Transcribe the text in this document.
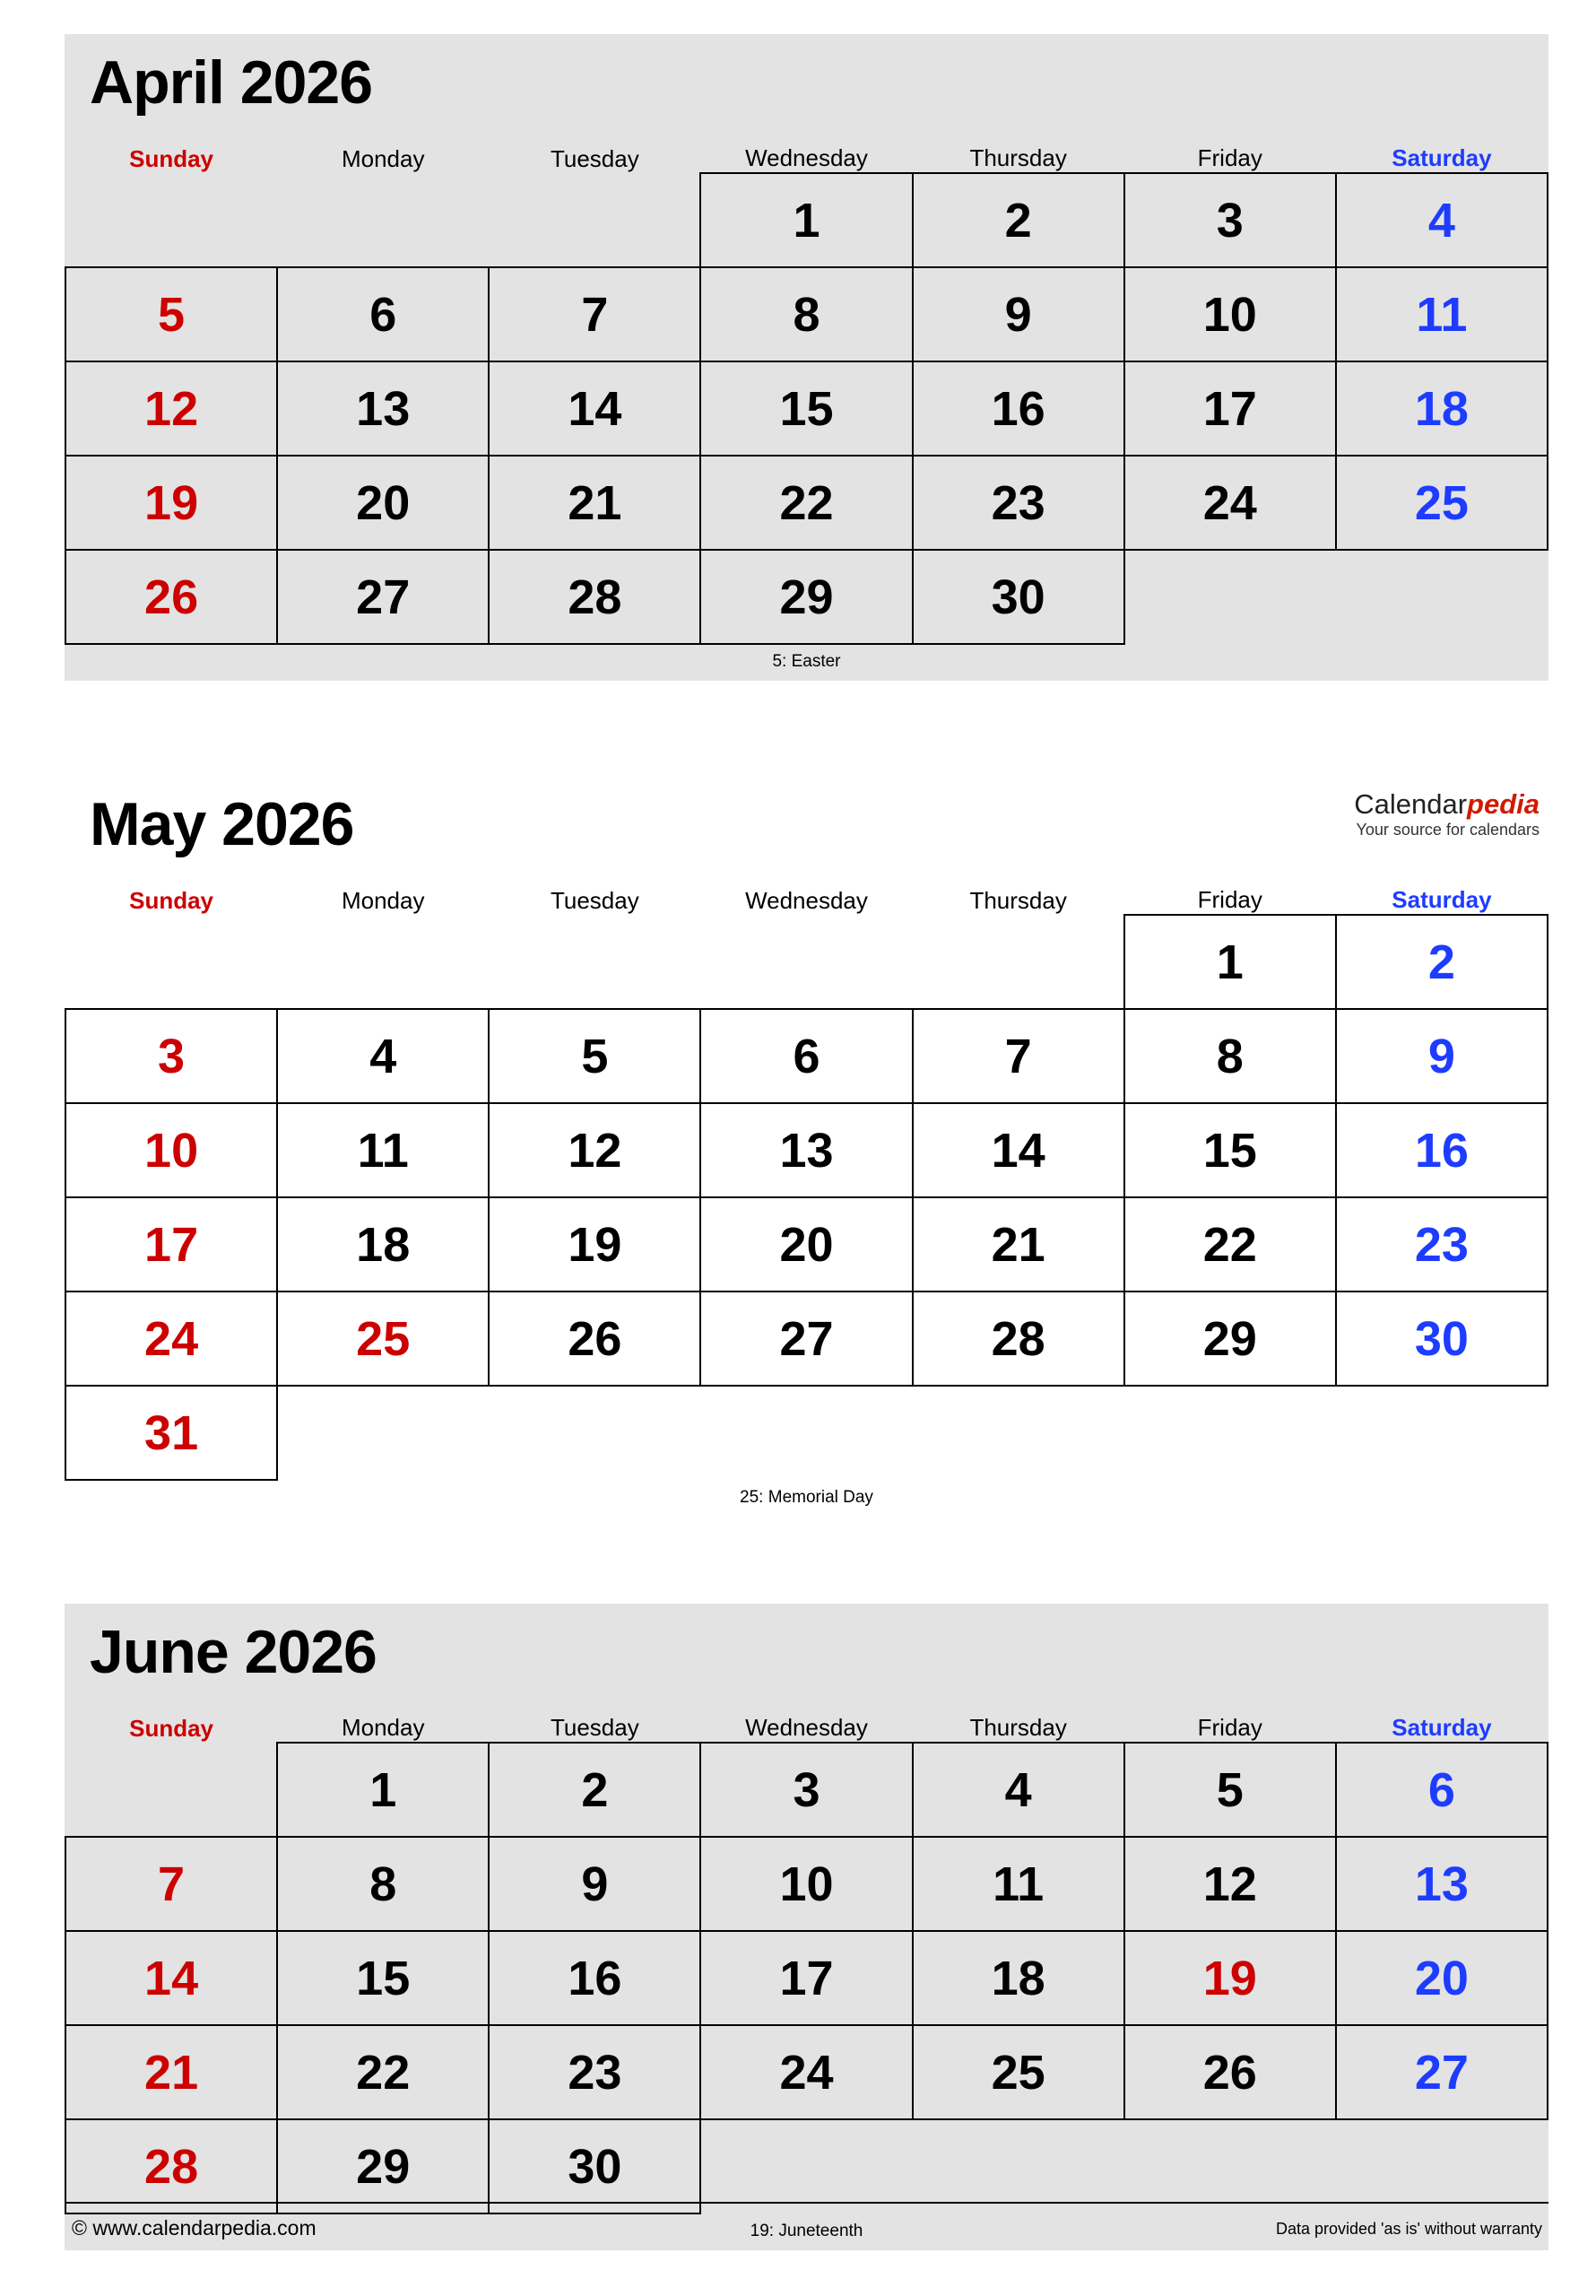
April 2026
Sunday	Monday	Tuesday	Wednesday	Thursday	Friday	Saturday
			1	2	3	4
5	6	7	8	9	10	11
12	13	14	15	16	17	18
19	20	21	22	23	24	25
26	27	28	29	30		
5: Easter
May 2026	Calendarpedia
Your source for calendars
Sunday	Monday	Tuesday	Wednesday	Thursday	Friday	Saturday
					1	2
3	4	5	6	7	8	9
10	11	12	13	14	15	16
17	18	19	20	21	22	23
24	25	26	27	28	29	30
31						
25: Memorial Day
June 2026
Sunday	Monday	Tuesday	Wednesday	Thursday	Friday	Saturday
	1	2	3	4	5	6
7	8	9	10	11	12	13
14	15	16	17	18	19	20
21	22	23	24	25	26	27
28	29	30				
19: Juneteenth
© www.calendarpedia.com	Data provided 'as is' without warranty
